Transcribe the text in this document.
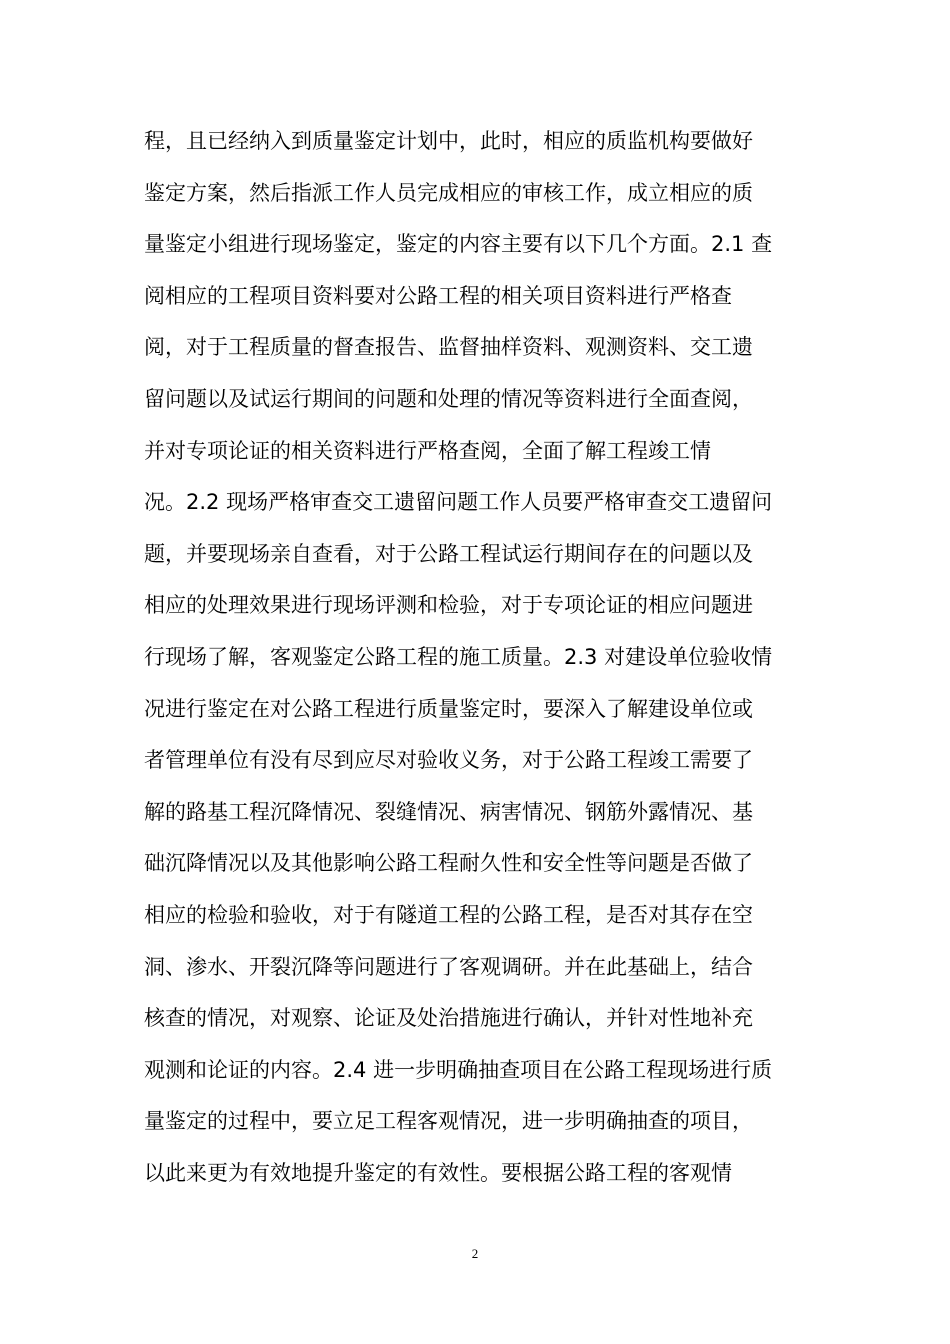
程，且已经纳入到质量鉴定计划中，此时，相应的质监机构要做好
鉴定方案，然后指派工作人员完成相应的审核工作，成立相应的质
量鉴定小组进行现场鉴定，鉴定的内容主要有以下几个方面。2.1 查
阅相应的工程项目资料要对公路工程的相关项目资料进行严格查
阅，对于工程质量的督查报告、监督抽样资料、观测资料、交工遗
留问题以及试运行期间的问题和处理的情况等资料进行全面查阅，
并对专项论证的相关资料进行严格查阅，全面了解工程竣工情
况。2.2 现场严格审查交工遗留问题工作人员要严格审查交工遗留问
题，并要现场亲自查看，对于公路工程试运行期间存在的问题以及
相应的处理效果进行现场评测和检验，对于专项论证的相应问题进
行现场了解，客观鉴定公路工程的施工质量。2.3 对建设单位验收情
况进行鉴定在对公路工程进行质量鉴定时，要深入了解建设单位或
者管理单位有没有尽到应尽对验收义务，对于公路工程竣工需要了
解的路基工程沉降情况、裂缝情况、病害情况、钢筋外露情况、基
础沉降情况以及其他影响公路工程耐久性和安全性等问题是否做了
相应的检验和验收，对于有隧道工程的公路工程，是否对其存在空
洞、渗水、开裂沉降等问题进行了客观调研。并在此基础上，结合
核查的情况，对观察、论证及处治措施进行确认，并针对性地补充
观测和论证的内容。2.4 进一步明确抽查项目在公路工程现场进行质
量鉴定的过程中，要立足工程客观情况，进一步明确抽查的项目，
以此来更为有效地提升鉴定的有效性。要根据公路工程的客观情
2
